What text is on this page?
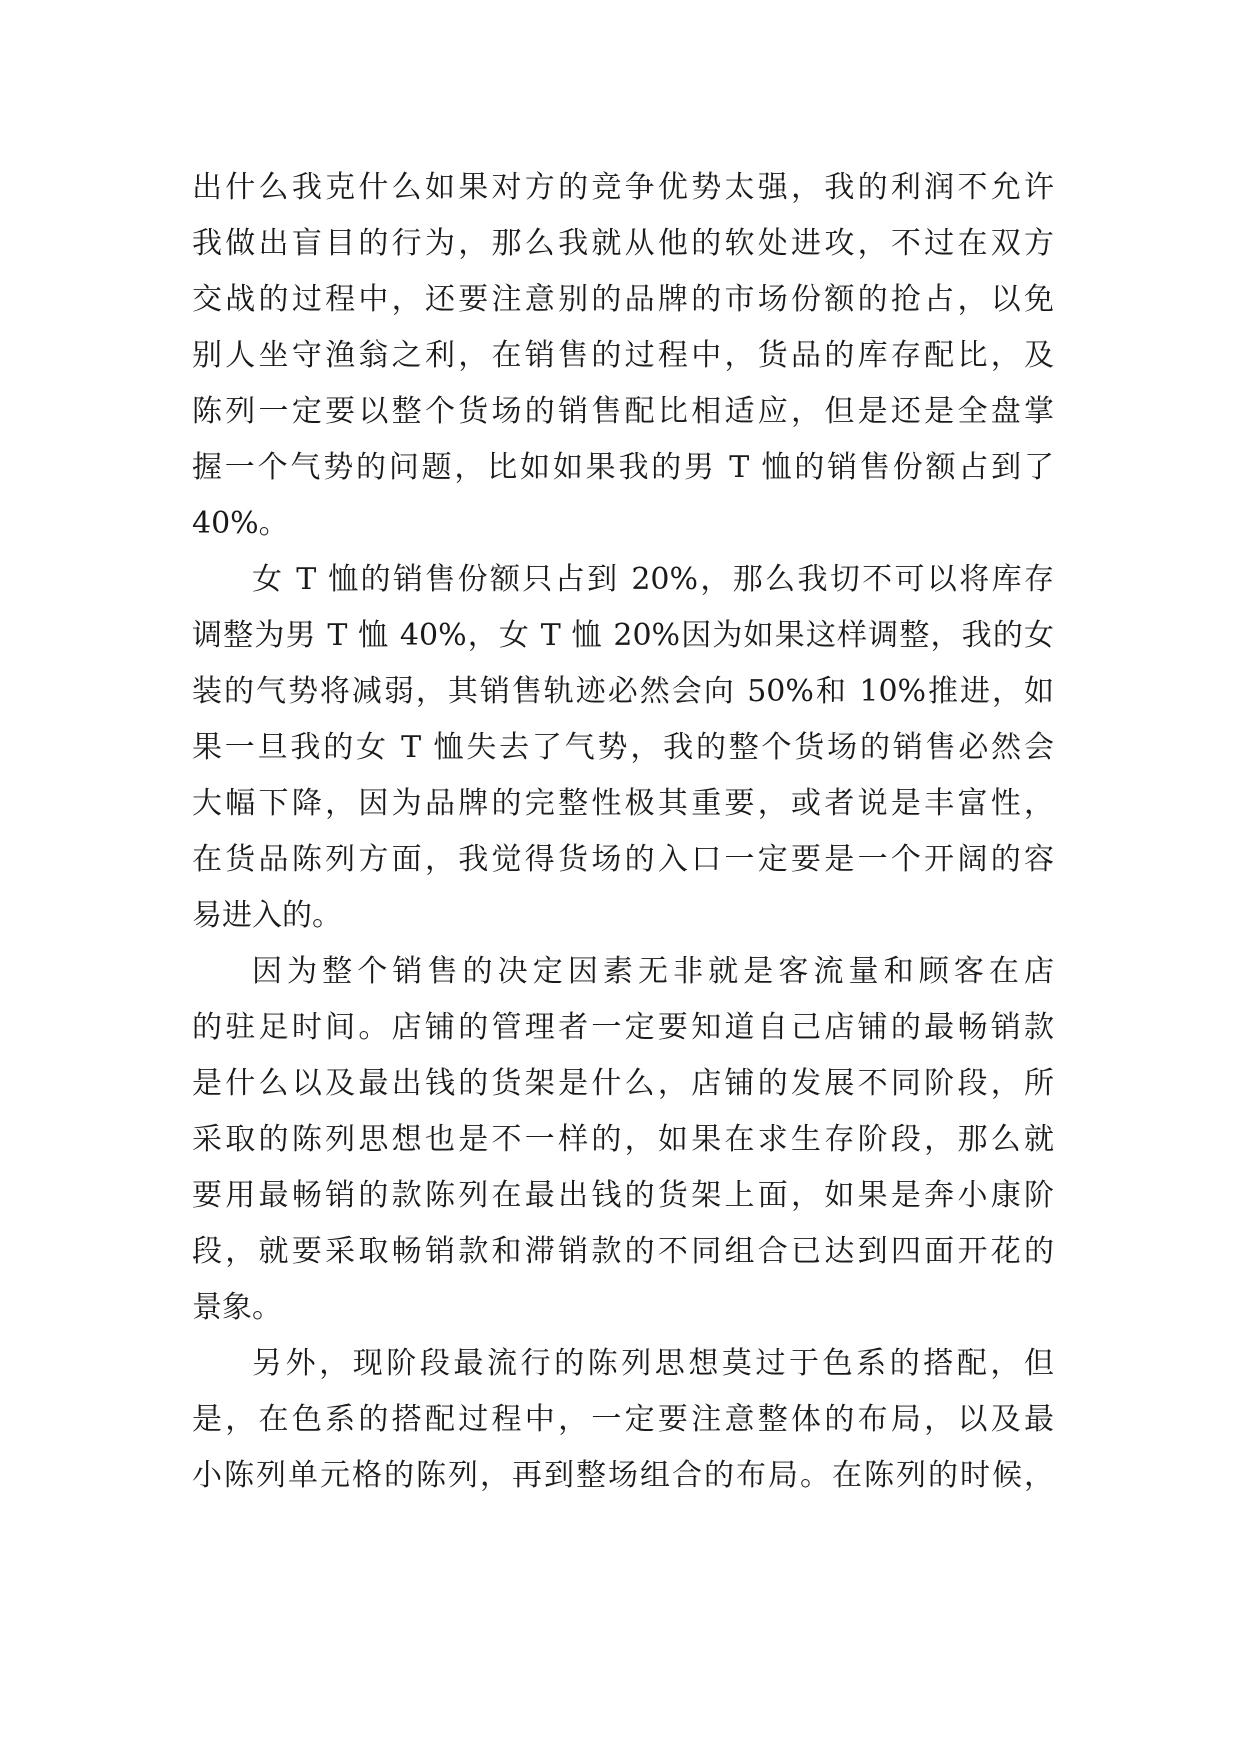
出什么我克什么如果对方的竞争优势太强，我的利润不允许
我做出盲目的行为，那么我就从他的软处进攻，不过在双方
交战的过程中，还要注意别的品牌的市场份额的抢占，以免
别人坐守渔翁之利，在销售的过程中，货品的库存配比，及
陈列一定要以整个货场的销售配比相适应，但是还是全盘掌
握一个气势的问题，比如如果我的男 T 恤的销售份额占到了
40%。
女 T 恤的销售份额只占到 20%，那么我切不可以将库存
调整为男 T 恤 40%，女 T 恤 20%因为如果这样调整，我的女
装的气势将减弱，其销售轨迹必然会向 50%和 10%推进，如
果一旦我的女 T 恤失去了气势，我的整个货场的销售必然会
大幅下降，因为品牌的完整性极其重要，或者说是丰富性，
在货品陈列方面，我觉得货场的入口一定要是一个开阔的容
易进入的。
因为整个销售的决定因素无非就是客流量和顾客在店
的驻足时间。店铺的管理者一定要知道自己店铺的最畅销款
是什么以及最出钱的货架是什么，店铺的发展不同阶段，所
采取的陈列思想也是不一样的，如果在求生存阶段，那么就
要用最畅销的款陈列在最出钱的货架上面，如果是奔小康阶
段，就要采取畅销款和滞销款的不同组合已达到四面开花的
景象。
另外，现阶段最流行的陈列思想莫过于色系的搭配，但
是，在色系的搭配过程中，一定要注意整体的布局，以及最
小陈列单元格的陈列，再到整场组合的布局。在陈列的时候，
